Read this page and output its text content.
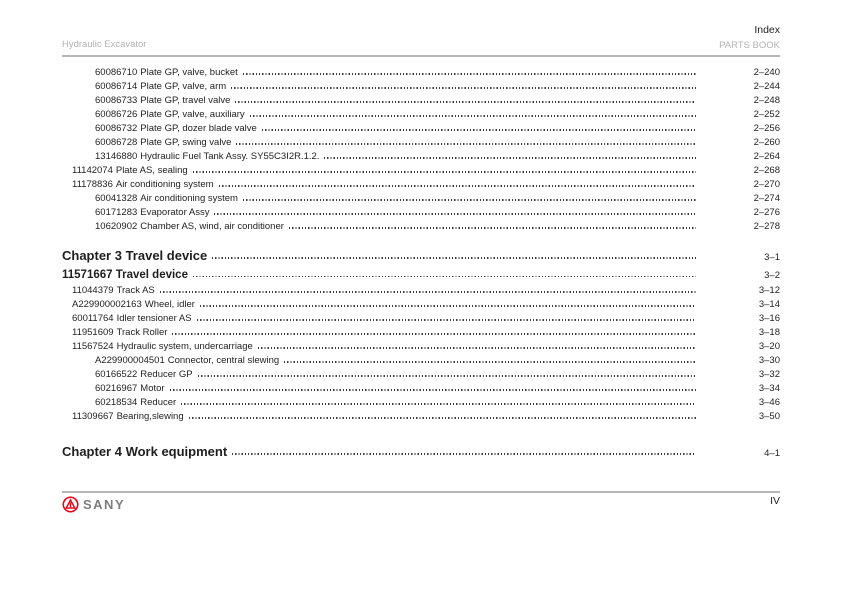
Hydraulic Excavator
Index
PARTS BOOK
60086710 Plate GP, valve, bucket	2–240
60086714 Plate GP, valve, arm	2–244
60086733 Plate GP, travel valve	2–248
60086726 Plate GP, valve, auxiliary	2–252
60086732 Plate GP, dozer blade valve	2–256
60086728 Plate GP, swing valve	2–260
13146880 Hydraulic Fuel Tank Assy. SY55C3I2R.1.2.	2–264
11142074 Plate AS, sealing	2–268
11178836 Air conditioning system	2–270
60041328 Air conditioning system	2–274
60171283 Evaporator Assy	2–276
10620902 Chamber AS, wind, air conditioner	2–278
Chapter 3 Travel device	3–1
11571667 Travel device	3–2
11044379 Track AS	3–12
A229900002163 Wheel, idler	3–14
60011764 Idler tensioner AS	3–16
11951609 Track Roller	3–18
11567524 Hydraulic system, undercarriage	3–20
A229900004501 Connector, central slewing	3–30
60166522 Reducer GP	3–32
60216967 Motor	3–34
60218534 Reducer	3–46
11309667 Bearing,slewing	3–50
Chapter 4 Work equipment	4–1
SANY	IV
